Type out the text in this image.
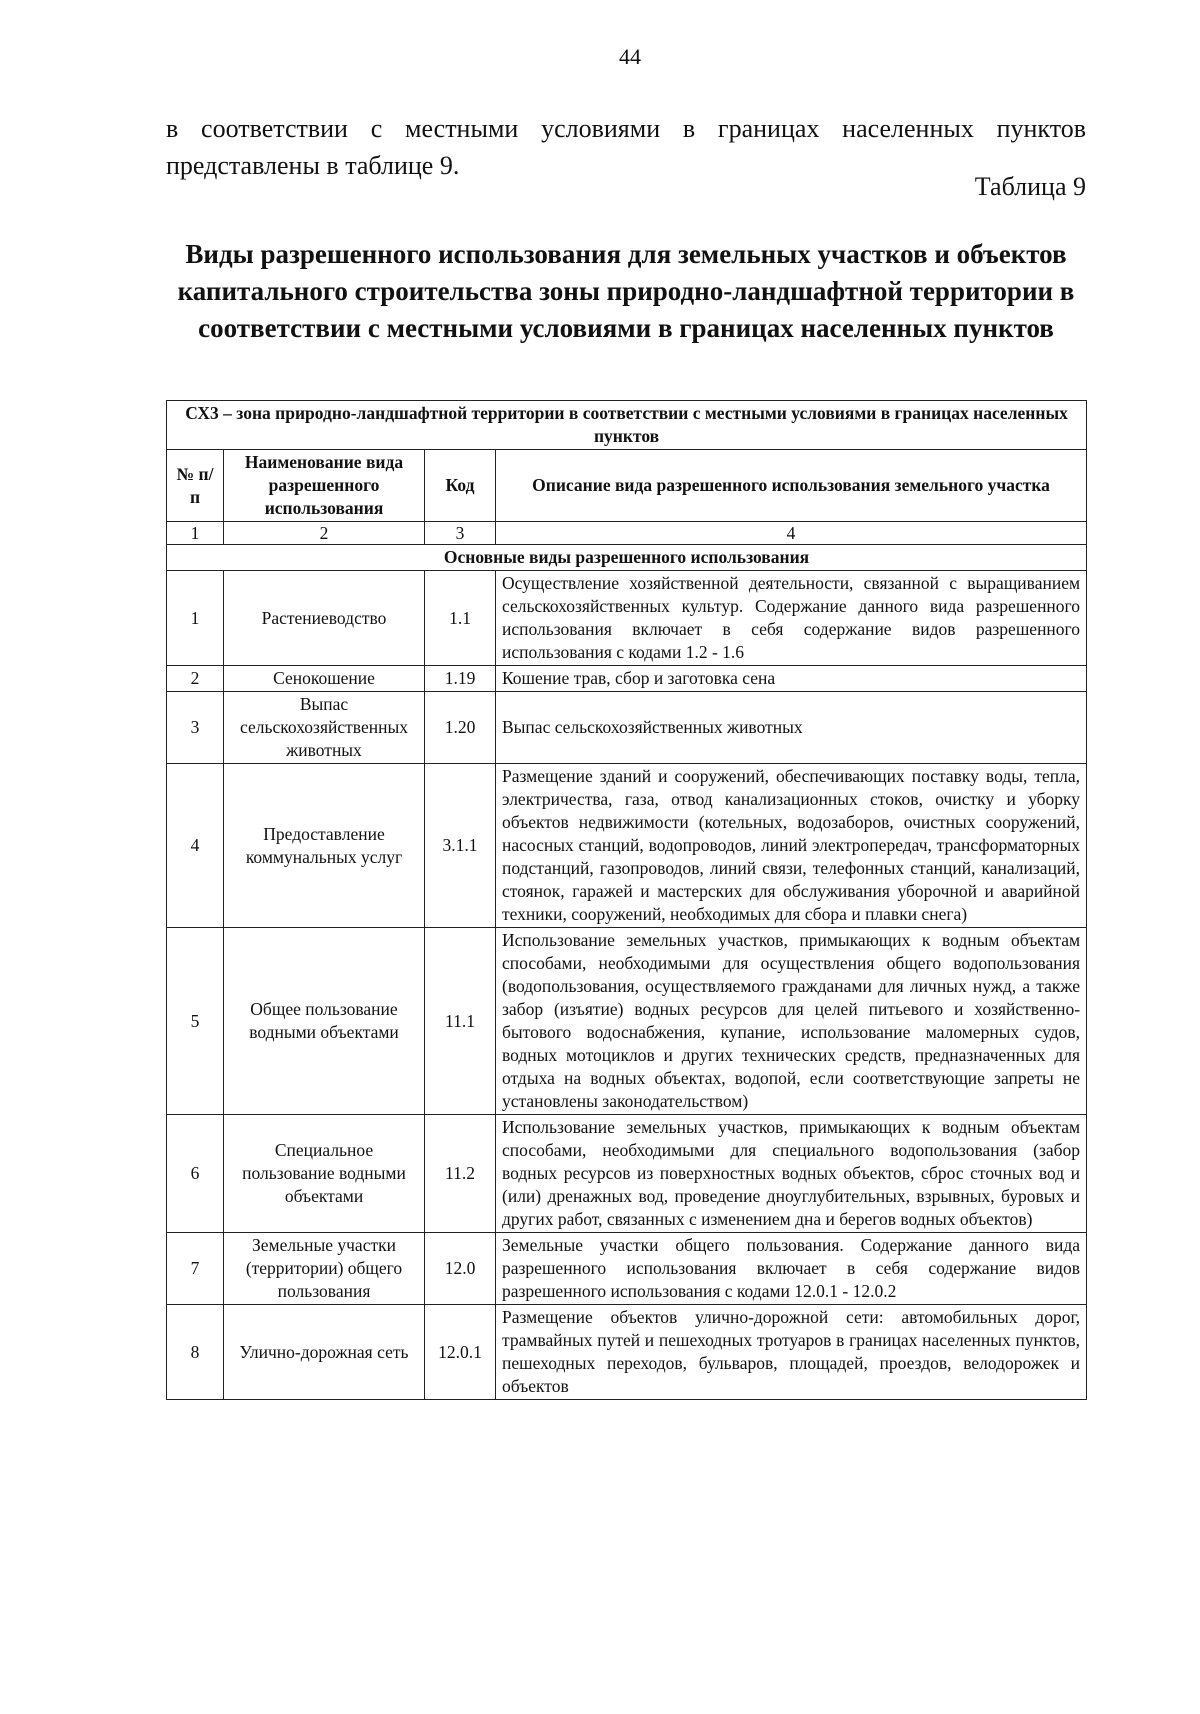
44
в соответствии с местными условиями в границах населенных пунктов представлены в таблице 9.
Таблица 9
Виды разрешенного использования для земельных участков и объектов капитального строительства зоны природно-ландшафтной территории в соответствии с местными условиями в границах населенных пунктов
СХ3 – зона природно-ландшафтной территории в соответствии с местными условиями в границах населенных пунктов			
№ п/п	Наименование вида разрешенного использования	Код	Описание вида разрешенного использования земельного участка
1	2	3	4
Основные виды разрешенного использования			
1	Растениеводство	1.1	Осуществление хозяйственной деятельности, связанной с выращиванием сельскохозяйственных культур. Содержание данного вида разрешенного использования включает в себя содержание видов разрешенного использования с кодами 1.2 - 1.6
2	Сенокошение	1.19	Кошение трав, сбор и заготовка сена
3	Выпас сельскохозяйственных животных	1.20	Выпас сельскохозяйственных животных
4	Предоставление коммунальных услуг	3.1.1	Размещение зданий и сооружений, обеспечивающих поставку воды, тепла, электричества, газа, отвод канализационных стоков, очистку и уборку объектов недвижимости (котельных, водозаборов, очистных сооружений, насосных станций, водопроводов, линий электропередач, трансформаторных подстанций, газопроводов, линий связи, телефонных станций, канализаций, стоянок, гаражей и мастерских для обслуживания уборочной и аварийной техники, сооружений, необходимых для сбора и плавки снега)
5	Общее пользование водными объектами	11.1	Использование земельных участков, примыкающих к водным объектам способами, необходимыми для осуществления общего водопользования (водопользования, осуществляемого гражданами для личных нужд, а также забор (изъятие) водных ресурсов для целей питьевого и хозяйственно-бытового водоснабжения, купание, использование маломерных судов, водных мотоциклов и других технических средств, предназначенных для отдыха на водных объектах, водопой, если соответствующие запреты не установлены законодательством)
6	Специальное пользование водными объектами	11.2	Использование земельных участков, примыкающих к водным объектам способами, необходимыми для специального водопользования (забор водных ресурсов из поверхностных водных объектов, сброс сточных вод и (или) дренажных вод, проведение дноуглубительных, взрывных, буровых и других работ, связанных с изменением дна и берегов водных объектов)
7	Земельные участки (территории) общего пользования	12.0	Земельные участки общего пользования. Содержание данного вида разрешенного использования включает в себя содержание видов разрешенного использования с кодами 12.0.1 - 12.0.2
8	Улично-дорожная сеть	12.0.1	Размещение объектов улично-дорожной сети: автомобильных дорог, трамвайных путей и пешеходных тротуаров в границах населенных пунктов, пешеходных переходов, бульваров, площадей, проездов, велодорожек и объектов
